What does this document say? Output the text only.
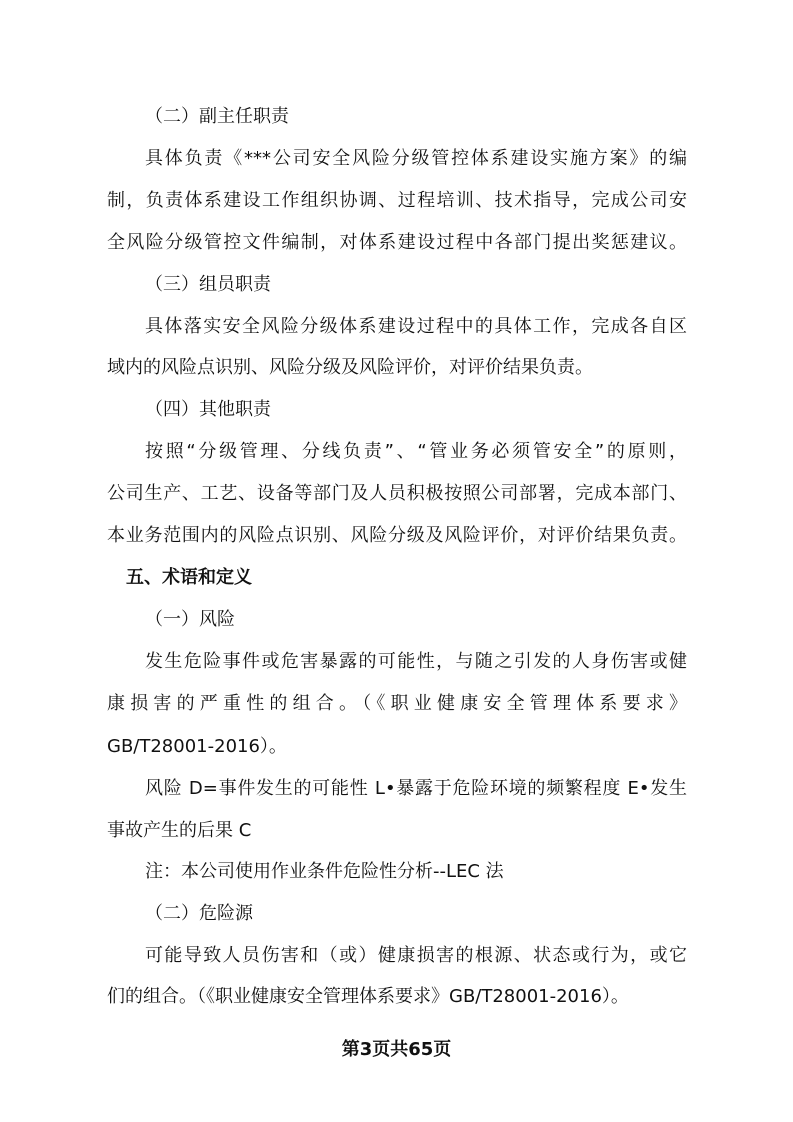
（二）副主任职责
具体负责《***公司安全风险分级管控体系建设实施方案》的编
制，负责体系建设工作组织协调、过程培训、技术指导，完成公司安
全风险分级管控文件编制，对体系建设过程中各部门提出奖惩建议。
（三）组员职责
具体落实安全风险分级体系建设过程中的具体工作，完成各自区
域内的风险点识别、风险分级及风险评价，对评价结果负责。
（四）其他职责
按照“分级管理、分线负责”、“管业务必须管安全”的原则，
公司生产、工艺、设备等部门及人员积极按照公司部署，完成本部门、
本业务范围内的风险点识别、风险分级及风险评价，对评价结果负责。
五、术语和定义
（一）风险
发生危险事件或危害暴露的可能性，与随之引发的人身伤害或健
康损害的严重性的组合。（《职业健康安全管理体系要求》
GB/T28001-2016）。
风险 D=事件发生的可能性 L•暴露于危险环境的频繁程度 E•发生
事故产生的后果 C
注：本公司使用作业条件危险性分析--LEC 法
（二）危险源
可能导致人员伤害和（或）健康损害的根源、状态或行为，或它
们的组合。（《职业健康安全管理体系要求》GB/T28001-2016）。
第3页共65页
